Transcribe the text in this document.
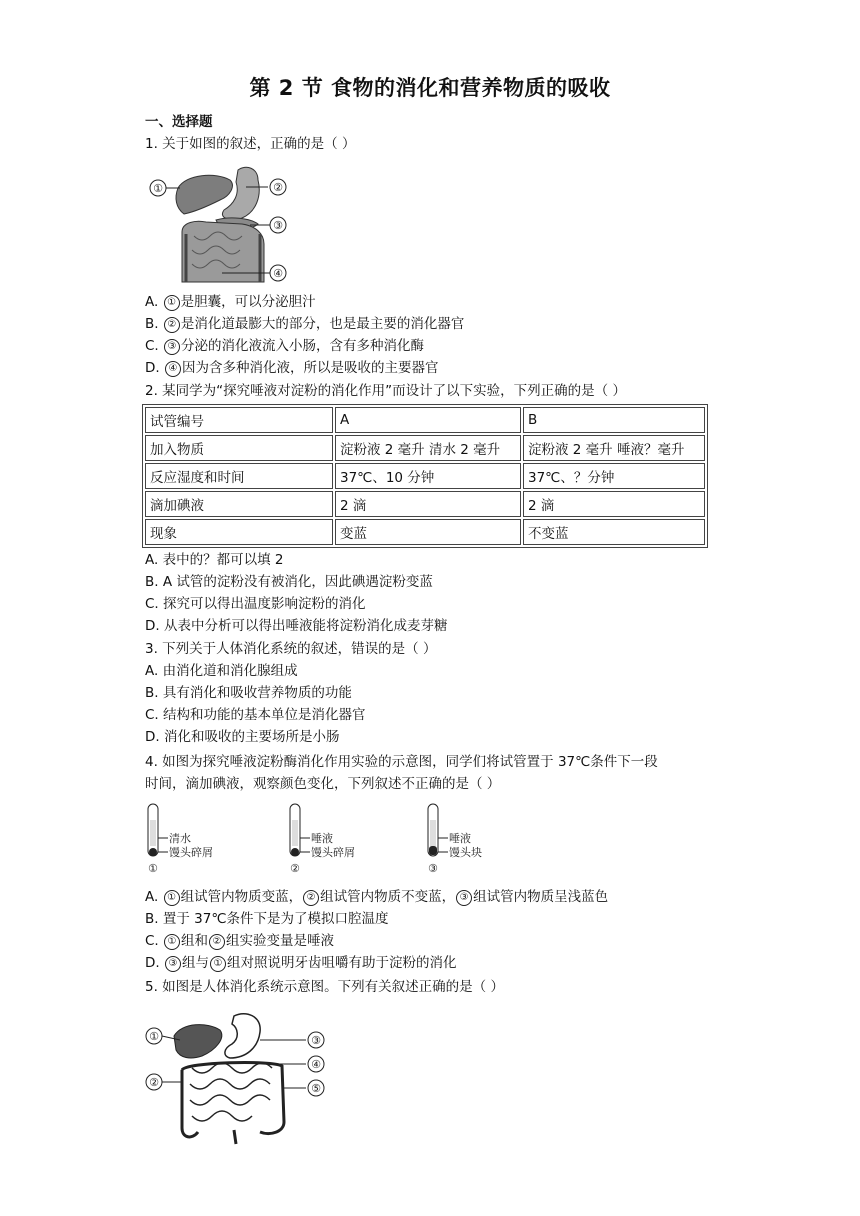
第 2 节 食物的消化和营养物质的吸收
一、选择题
1. 关于如图的叙述，正确的是（ ）
①	②
③
④
A. ① 是胆囊，可以分泌胆汁
B. ② 是消化道最膨大的部分，也是最主要的消化器官
C. ③ 分泌的消化液流入小肠，含有多种消化酶
D. ④ 因为含多种消化液，所以是吸收的主要器官
2. 某同学为“探究唾液对淀粉的消化作用”而设计了以下实验，下列正确的是（ ）
试管编号	A	B
加入物质	淀粉液 2 毫升 清水 2 毫升	淀粉液 2 毫升 唾液？毫升
反应湿度和时间	37℃、10 分钟	37℃、？分钟
滴加碘液	2 滴	2 滴
现象	变蓝	不变蓝
A. 表中的？都可以填 2
B. A 试管的淀粉没有被消化，因此碘遇淀粉变蓝
C. 探究可以得出温度影响淀粉的消化
D. 从表中分析可以得出唾液能将淀粉消化成麦芽糖
3. 下列关于人体消化系统的叙述，错误的是（ ）
A. 由消化道和消化腺组成
B. 具有消化和吸收营养物质的功能
C. 结构和功能的基本单位是消化器官
D. 消化和吸收的主要场所是小肠
4. 如图为探究唾液淀粉酶消化作用实验的示意图，同学们将试管置于 37℃条件下一段
时间，滴加碘液，观察颜色变化，下列叙述不正确的是（ ）
清水
馒头碎屑
①
唾液
馒头碎屑
②
唾液
馒头块
③
A. ① 组试管内物质变蓝， ② 组试管内物质不变蓝， ③ 组试管内物质呈浅蓝色
B. 置于 37℃条件下是为了模拟口腔温度
C. ① 组和 ② 组实验变量是唾液
D. ③ 组与 ① 组对照说明牙齿咀嚼有助于淀粉的消化
5. 如图是人体消化系统示意图。下列有关叙述正确的是（ ）
①
②
③
④
⑤
